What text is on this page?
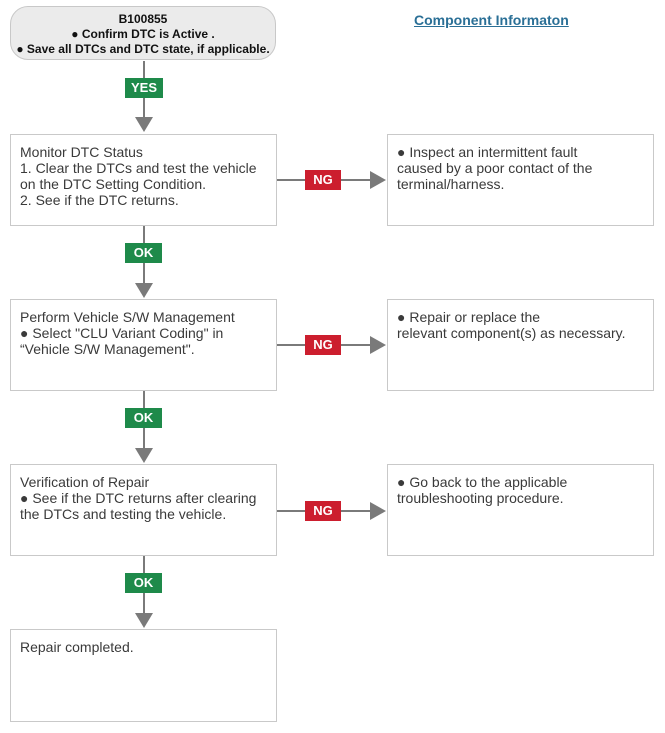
B100855
● Confirm DTC is Active .
● Save all DTCs and DTC state, if applicable.
Component Informaton
YES
Monitor DTC Status
1. Clear the DTCs and test the vehicle
on the DTC Setting Condition.
2. See if the DTC returns.
NG
● Inspect an intermittent fault
caused by a poor contact of the
terminal/harness.
OK
Perform Vehicle S/W Management
● Select "CLU Variant Coding" in
“Vehicle S/W Management".	NG
● Repair or replace the
relevant component(s) as necessary.
OK
Verification of Repair
● See if the DTC returns after clearing
the DTCs and testing the vehicle.	NG
● Go back to the applicable
troubleshooting procedure.
OK
Repair completed.
